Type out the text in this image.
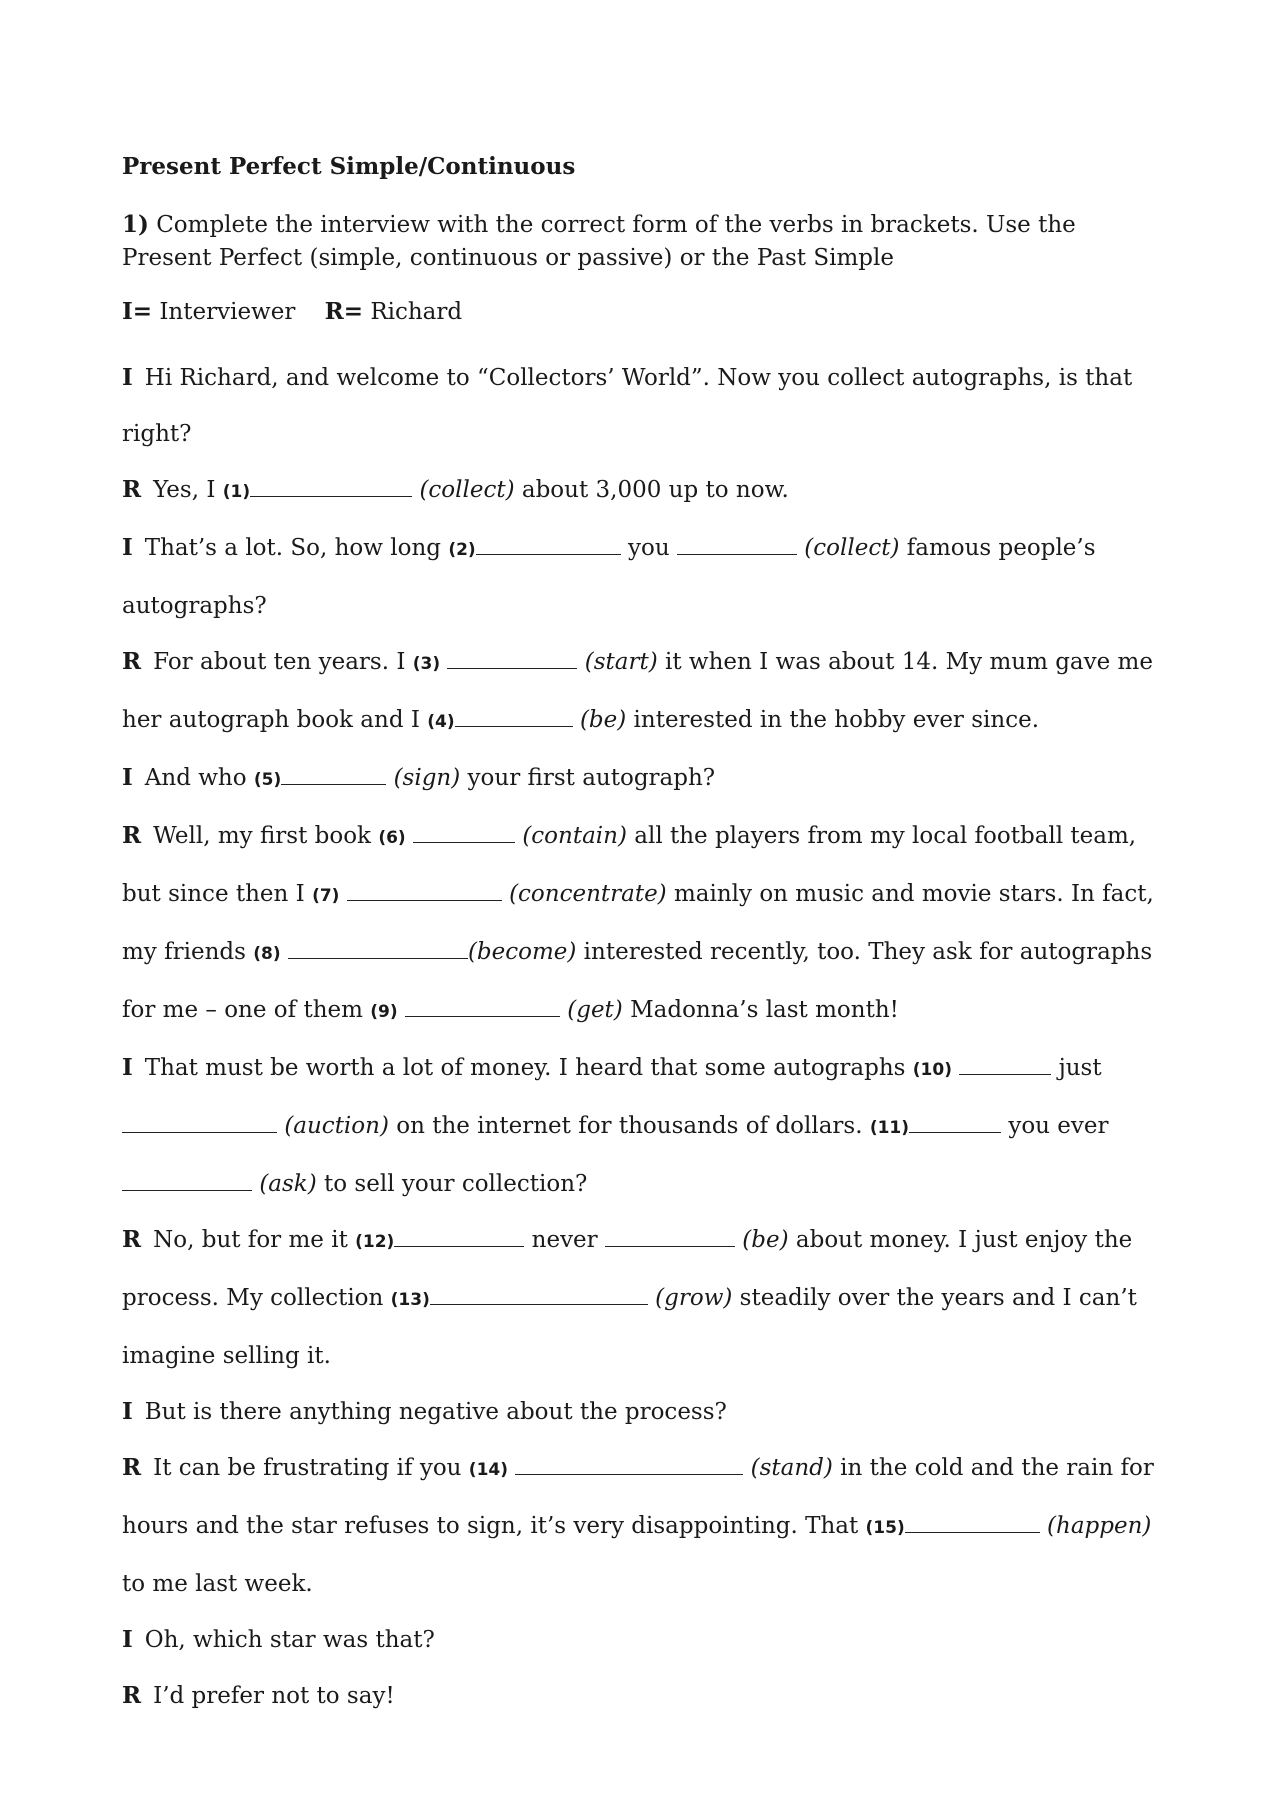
Present Perfect Simple/Continuous

1) Complete the interview with the correct form of the verbs in brackets. Use the Present Perfect (simple, continuous or passive) or the Past Simple

I= Interviewer R= Richard

I Hi Richard, and welcome to “Collectors’ World”. Now you collect autographs, is that right?

R Yes, I (1)	(collect) about 3,000 up to now.

I That’s a lot. So, how long (2)	you	(collect) famous people’s autographs?

R For about ten years. I (3)	(start) it when I was about 14. My mum gave me her autograph book and I (4)	(be) interested in the hobby ever since.

I And who (5)	(sign) your first autograph?

R Well, my first book (6)	(contain) all the players from my local football team, but since then I (7)	(concentrate) mainly on music and movie stars. In fact, my friends (8)	(become) interested recently, too. They ask for autographs for me – one of them (9)	(get) Madonna’s last month!

I That must be worth a lot of money. I heard that some autographs (10)	just  (auction) on the internet for thousands of dollars. (11)	you ever  (ask) to sell your collection?

R No, but for me it (12)	never	(be) about money. I just enjoy the process. My collection (13)	(grow) steadily over the years and I can’t imagine selling it.

I But is there anything negative about the process?

R It can be frustrating if you (14)	(stand) in the cold and the rain for hours and the star refuses to sign, it’s very disappointing. That (15)	(happen) to me last week.

I Oh, which star was that?

R I’d prefer not to say!
